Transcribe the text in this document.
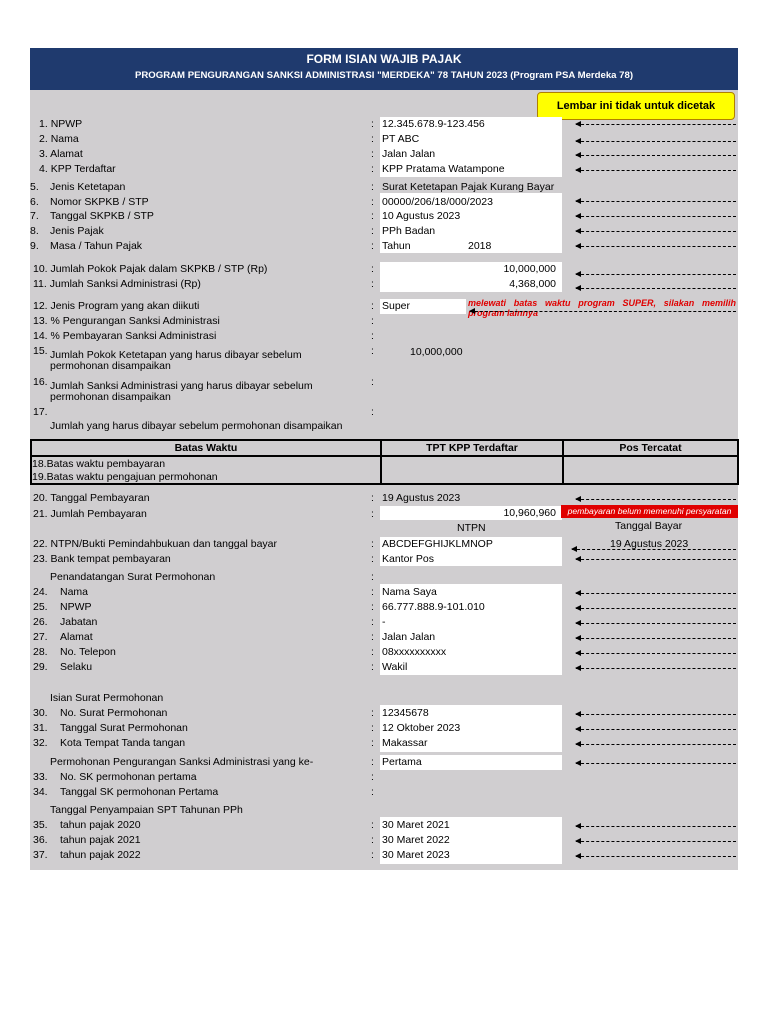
FORM ISIAN WAJIB PAJAK
PROGRAM PENGURANGAN SANKSI ADMINISTRASI "MERDEKA" 78 TAHUN 2023 (Program PSA Merdeka 78)
Lembar ini tidak untuk dicetak
1. NPWP	: 12.345.678.9-123.456
2. Nama	: PT ABC
3. Alamat	: Jalan Jalan
4. KPP Terdaftar	: KPP Pratama Watampone
5. Jenis Ketetapan	: Surat Ketetapan Pajak Kurang Bayar
6. Nomor SKPKB / STP	: 00000/206/18/000/2023
7. Tanggal SKPKB / STP	: 10 Agustus 2023
8. Jenis Pajak	: PPh Badan
9. Masa / Tahun Pajak	: Tahun	2018
10. Jumlah Pokok Pajak dalam SKPKB / STP (Rp)	:	10,000,000
11. Jumlah Sanksi Administrasi (Rp)	:	4,368,000
12. Jenis Program yang akan diikuti	: Super	melewati batas waktu program SUPER, silakan memilih program lainnya
13. % Pengurangan Sanksi Administrasi	:
14. % Pembayaran Sanksi Administrasi	:
15. Jumlah Pokok Ketetapan yang harus dibayar sebelum
permohonan disampaikan
:	10,000,000
16. Jumlah Sanksi Administrasi yang harus dibayar sebelum
permohonan disampaikan
:
17.
Jumlah yang harus dibayar sebelum permohonan disampaikan
:
Batas Waktu	TPT KPP Terdaftar	Pos Tercatat
18.Batas waktu pembayaran		
19.Batas waktu pengajuan permohonan		
20. Tanggal Pembayaran	: 19 Agustus 2023
21. Jumlah Pembayaran	:	10,960,960	pembayaran belum memenuhi persyaratan
NTPN	Tanggal Bayar
22. NTPN/Bukti Pemindahbukuan dan tanggal bayar	: ABCDEFGHIJKLMNOP	19 Agustus 2023
23. Bank tempat pembayaran	: Kantor Pos
Penandatangan Surat Permohonan	:
24. Nama	: Nama Saya
25. NPWP	: 66.777.888.9-101.010
26. Jabatan	: -
27. Alamat	: Jalan Jalan
28. No. Telepon	: 08xxxxxxxxxx
29. Selaku	: Wakil
Isian Surat Permohonan
30. No. Surat Permohonan	: 12345678
31. Tanggal Surat Permohonan	: 12 Oktober 2023
32. Kota Tempat Tanda tangan	: Makassar
Permohonan Pengurangan Sanksi Administrasi yang ke-	: Pertama
33. No. SK permohonan pertama	:
34. Tanggal SK permohonan Pertama	:
Tanggal Penyampaian SPT Tahunan PPh
35. tahun pajak 2020	: 30 Maret 2021
36. tahun pajak 2021	: 30 Maret 2022
37. tahun pajak 2022	: 30 Maret 2023
